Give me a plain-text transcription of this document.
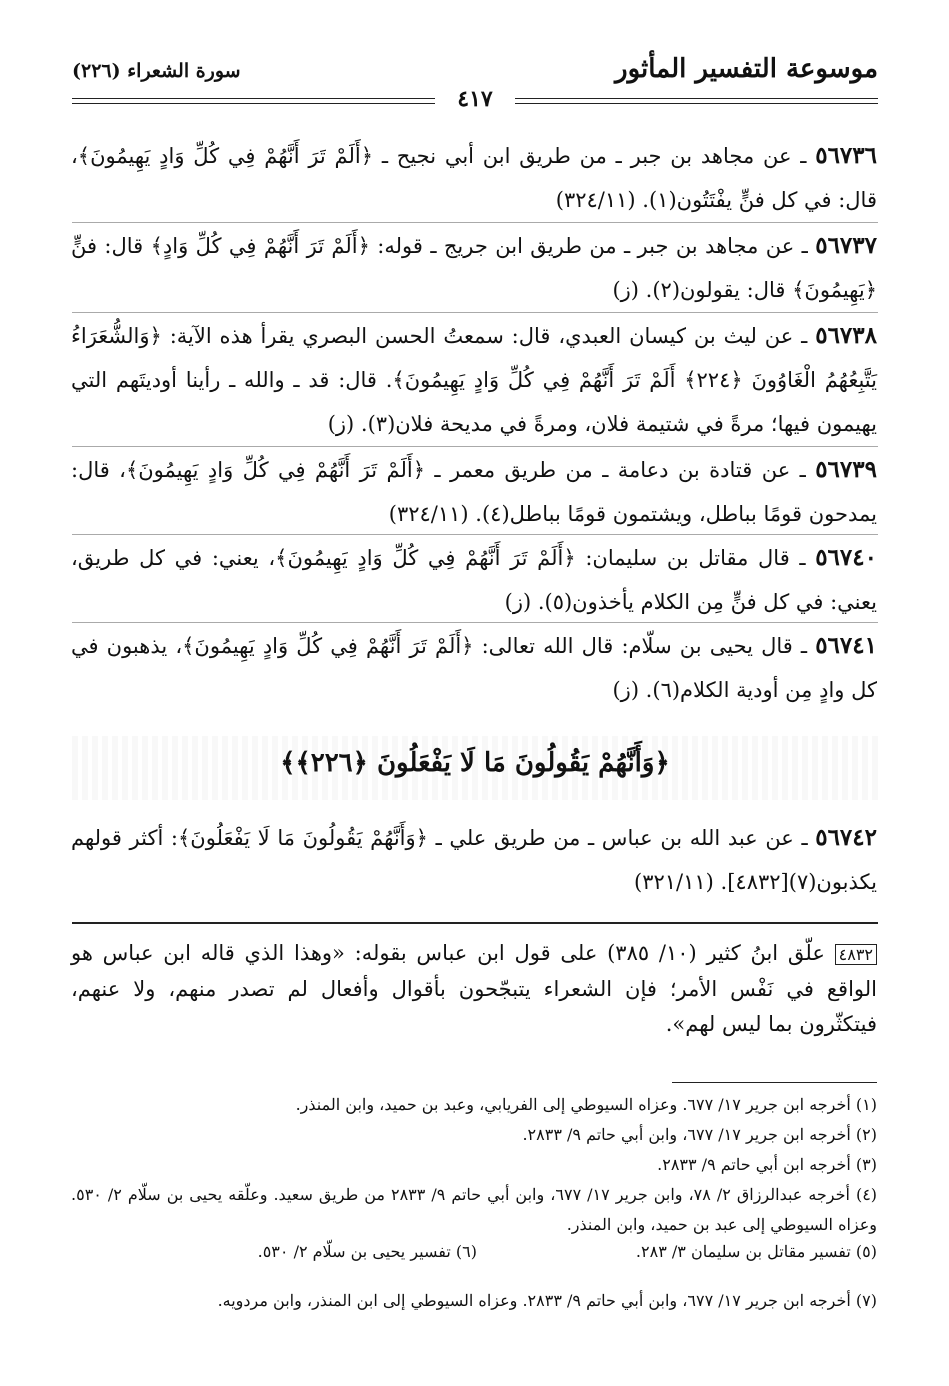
موسوعة التفسير المأثور
سورة الشعراء (٢٢٦)
٤١٧
٥٦٧٣٦ ـ عن مجاهد بن جبر ـ من طريق ابن أبي نجيح ـ ﴿أَلَمْ تَرَ أَنَّهُمْ فِي كُلِّ وَادٍ يَهِيمُونَ﴾، قال: في كل فنٍّ يفْتَتُون(١). (٣٢٤/١١)
٥٦٧٣٧ ـ عن مجاهد بن جبر ـ من طريق ابن جريج ـ قوله: ﴿أَلَمْ تَرَ أَنَّهُمْ فِي كُلِّ وَادٍ﴾ قال: فنٍّ ﴿يَهِيمُونَ﴾ قال: يقولون(٢). (ز)
٥٦٧٣٨ ـ عن ليث بن كيسان العبدي، قال: سمعتُ الحسن البصري يقرأ هذه الآية: ﴿وَالشُّعَرَاءُ يَتَّبِعُهُمُ الْغَاوُونَ ﴿٢٢٤﴾ أَلَمْ تَرَ أَنَّهُمْ فِي كُلِّ وَادٍ يَهِيمُونَ﴾. قال: قد ـ والله ـ رأينا أوديتَهم التي يهيمون فيها؛ مرةً في شتيمة فلان، ومرةً في مديحة فلان(٣). (ز)
٥٦٧٣٩ ـ عن قتادة بن دعامة ـ من طريق معمر ـ ﴿أَلَمْ تَرَ أَنَّهُمْ فِي كُلِّ وَادٍ يَهِيمُونَ﴾، قال: يمدحون قومًا بباطل، ويشتمون قومًا بباطل(٤). (٣٢٤/١١)
٥٦٧٤٠ ـ قال مقاتل بن سليمان: ﴿أَلَمْ تَرَ أَنَّهُمْ فِي كُلِّ وَادٍ يَهِيمُونَ﴾، يعني: في كل طريق، يعني: في كل فنٍّ مِن الكلام يأخذون(٥). (ز)
٥٦٧٤١ ـ قال يحيى بن سلّام: قال الله تعالى: ﴿أَلَمْ تَرَ أَنَّهُمْ فِي كُلِّ وَادٍ يَهِيمُونَ﴾، يذهبون في كل وادٍ مِن أودية الكلام(٦). (ز)
﴿وَأَنَّهُمْ يَقُولُونَ مَا لَا يَفْعَلُونَ ﴿٢٢٦﴾﴾
٥٦٧٤٢ ـ عن عبد الله بن عباس ـ من طريق علي ـ ﴿وَأَنَّهُمْ يَقُولُونَ مَا لَا يَفْعَلُونَ﴾: أكثر قولهم يكذبون(٧)[٤٨٣٢]. (٣٢١/١١)
٤٨٣٢ علّق ابنُ كثير (١٠/ ٣٨٥) على قول ابن عباس بقوله: «وهذا الذي قاله ابن عباس هو الواقع في نَفْس الأمر؛ فإن الشعراء يتبجّحون بأقوال وأفعال لم تصدر منهم، ولا عنهم، فيتكثّرون بما ليس لهم».
(١) أخرجه ابن جرير ١٧/ ٦٧٧. وعزاه السيوطي إلى الفريابي، وعبد بن حميد، وابن المنذر.
(٢) أخرجه ابن جرير ١٧/ ٦٧٧، وابن أبي حاتم ٩/ ٢٨٣٣.
(٣) أخرجه ابن أبي حاتم ٩/ ٢٨٣٣.
(٤) أخرجه عبدالرزاق ٢/ ٧٨، وابن جرير ١٧/ ٦٧٧، وابن أبي حاتم ٩/ ٢٨٣٣ من طريق سعيد. وعلّقه يحيى بن سلّام ٢/ ٥٣٠. وعزاه السيوطي إلى عبد بن حميد، وابن المنذر.
(٥) تفسير مقاتل بن سليمان ٣/ ٢٨٣.
(٦) تفسير يحيى بن سلّام ٢/ ٥٣٠.
(٧) أخرجه ابن جرير ١٧/ ٦٧٧، وابن أبي حاتم ٩/ ٢٨٣٣. وعزاه السيوطي إلى ابن المنذر، وابن مردويه.
